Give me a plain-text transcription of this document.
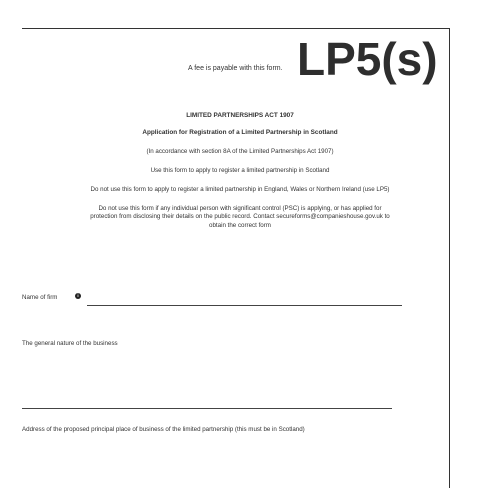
A fee is payable with this form. LP5(s)
LIMITED PARTNERSHIPS ACT 1907
Application for Registration of a Limited Partnership in Scotland
(In accordance with section 8A of the Limited Partnerships Act 1907)
Use this form to apply to register a limited partnership in Scotland
Do not use this form to apply to register a limited partnership in England, Wales or Northern Ireland (use LP5)
Do not use this form if any individual person with significant control (PSC) is applying, or has applied for
protection from disclosing their details on the public record. Contact secureforms@companieshouse.gov.uk to
obtain the correct form
Name of firm	i
The general nature of the business
Address of the proposed principal place of business of the limited partnership (this must be in Scotland)
